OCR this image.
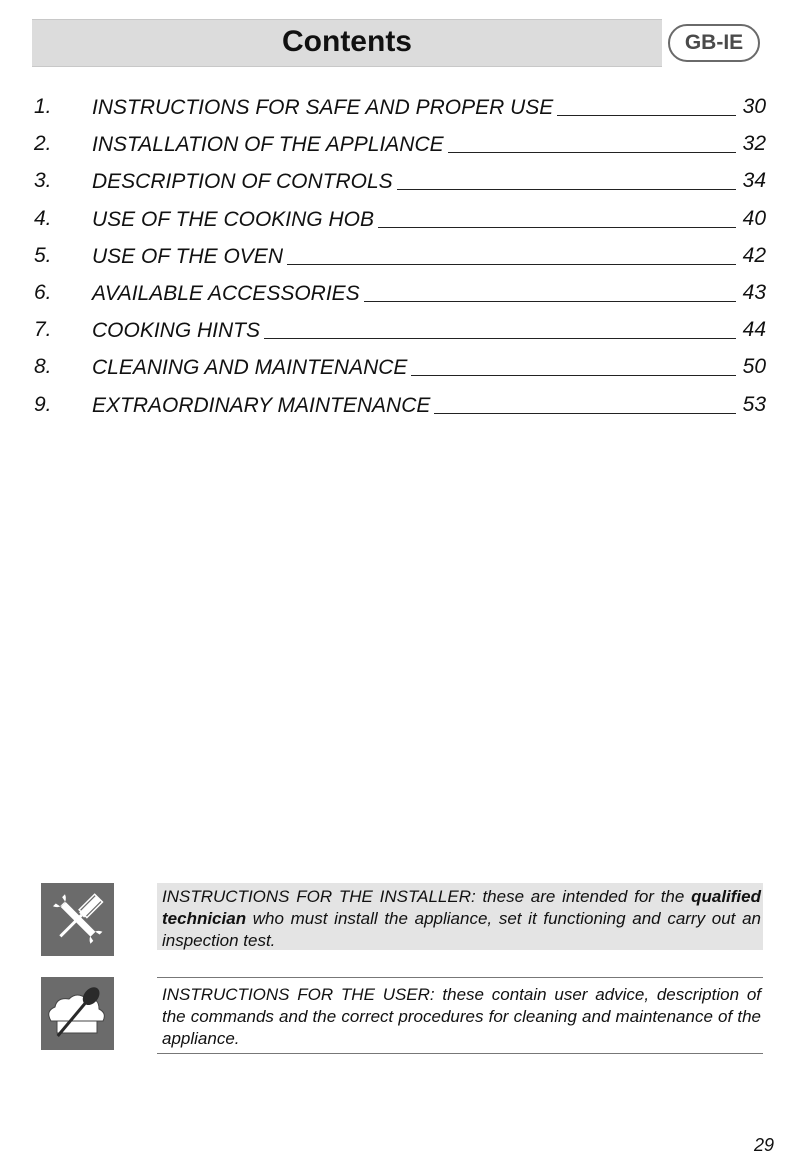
Contents	GB-IE
1. INSTRUCTIONS FOR SAFE AND PROPER USE	30
2. INSTALLATION OF THE APPLIANCE	32
3. DESCRIPTION OF CONTROLS	34
4. USE OF THE COOKING HOB	40
5. USE OF THE OVEN	42
6. AVAILABLE ACCESSORIES	43
7. COOKING HINTS	44
8. CLEANING AND MAINTENANCE	50
9. EXTRAORDINARY MAINTENANCE	53
INSTRUCTIONS FOR THE INSTALLER: these are intended for the qualified technician who must install the appliance, set it functioning and carry out an inspection test.
INSTRUCTIONS FOR THE USER: these contain user advice, description of the commands and the correct procedures for cleaning and maintenance of the appliance.
29
